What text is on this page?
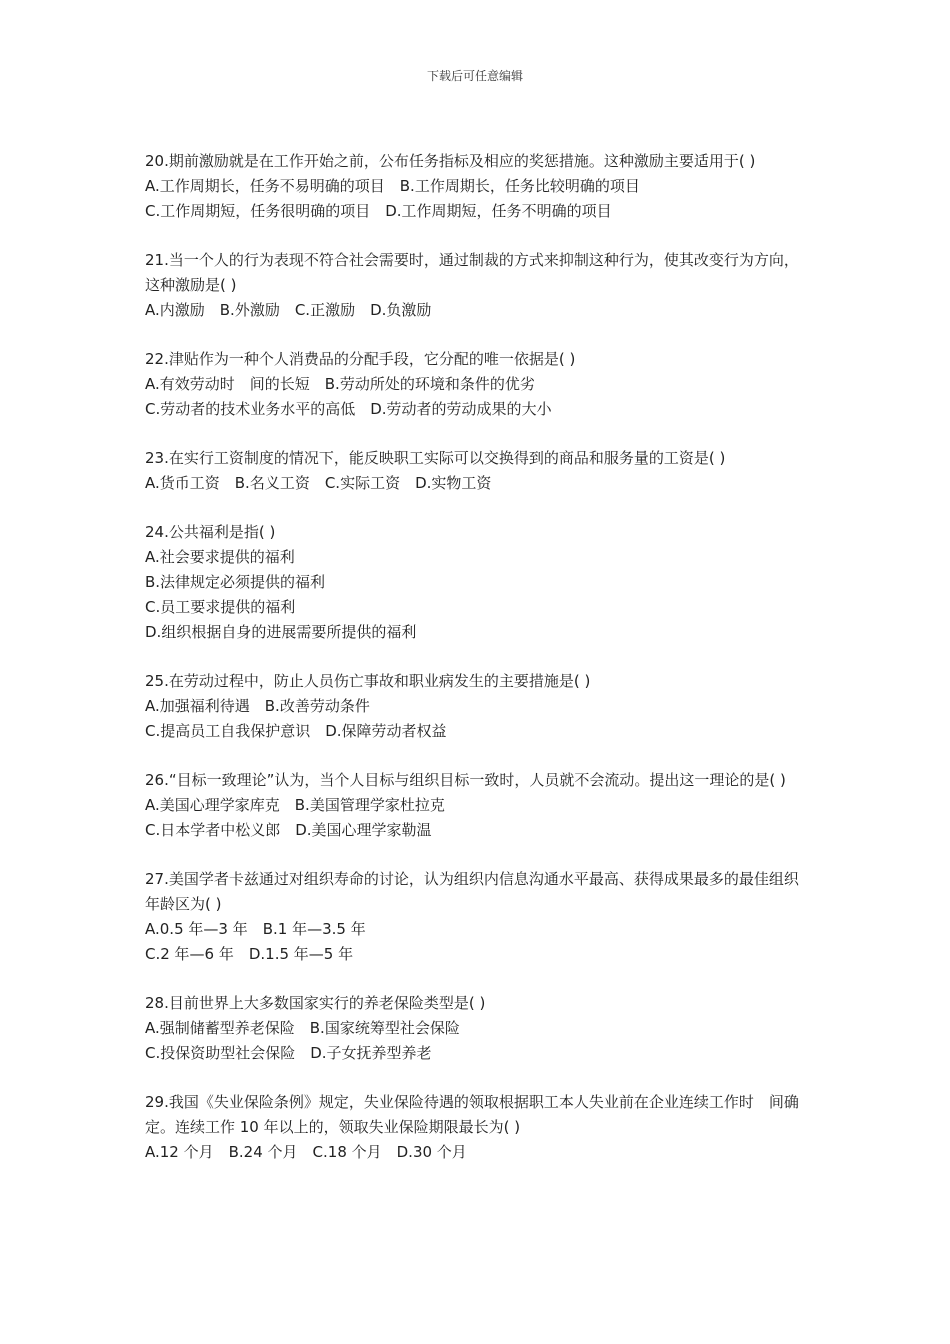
下载后可任意编辑
20.期前激励就是在工作开始之前，公布任务指标及相应的奖惩措施。这种激励主要适用于( )
A.工作周期长，任务不易明确的项目　B.工作周期长，任务比较明确的项目
C.工作周期短，任务很明确的项目　D.工作周期短，任务不明确的项目
21.当一个人的行为表现不符合社会需要时，通过制裁的方式来抑制这种行为，使其改变行为方向，这种激励是( )
A.内激励　B.外激励　C.正激励　D.负激励
22.津贴作为一种个人消费品的分配手段，它分配的唯一依据是( )
A.有效劳动时　间的长短　B.劳动所处的环境和条件的优劣
C.劳动者的技术业务水平的高低　D.劳动者的劳动成果的大小
23.在实行工资制度的情况下，能反映职工实际可以交换得到的商品和服务量的工资是( )
A.货币工资　B.名义工资　C.实际工资　D.实物工资
24.公共福利是指( )
A.社会要求提供的福利
B.法律规定必须提供的福利
C.员工要求提供的福利
D.组织根据自身的进展需要所提供的福利
25.在劳动过程中，防止人员伤亡事故和职业病发生的主要措施是( )
A.加强福利待遇　B.改善劳动条件
C.提高员工自我保护意识　D.保障劳动者权益
26.“目标一致理论”认为，当个人目标与组织目标一致时，人员就不会流动。提出这一理论的是( )
A.美国心理学家库克　B.美国管理学家杜拉克
C.日本学者中松义郎　D.美国心理学家勒温
27.美国学者卡兹通过对组织寿命的讨论，认为组织内信息沟通水平最高、获得成果最多的最佳组织年龄区为( )
A.0.5 年—3 年　B.1 年—3.5 年
C.2 年—6 年　D.1.5 年—5 年
28.目前世界上大多数国家实行的养老保险类型是( )
A.强制储蓄型养老保险　B.国家统筹型社会保险
C.投保资助型社会保险　D.子女抚养型养老
29.我国《失业保险条例》规定，失业保险待遇的领取根据职工本人失业前在企业连续工作时　间确定。连续工作 10 年以上的，领取失业保险期限最长为( )
A.12 个月　B.24 个月　C.18 个月　D.30 个月
